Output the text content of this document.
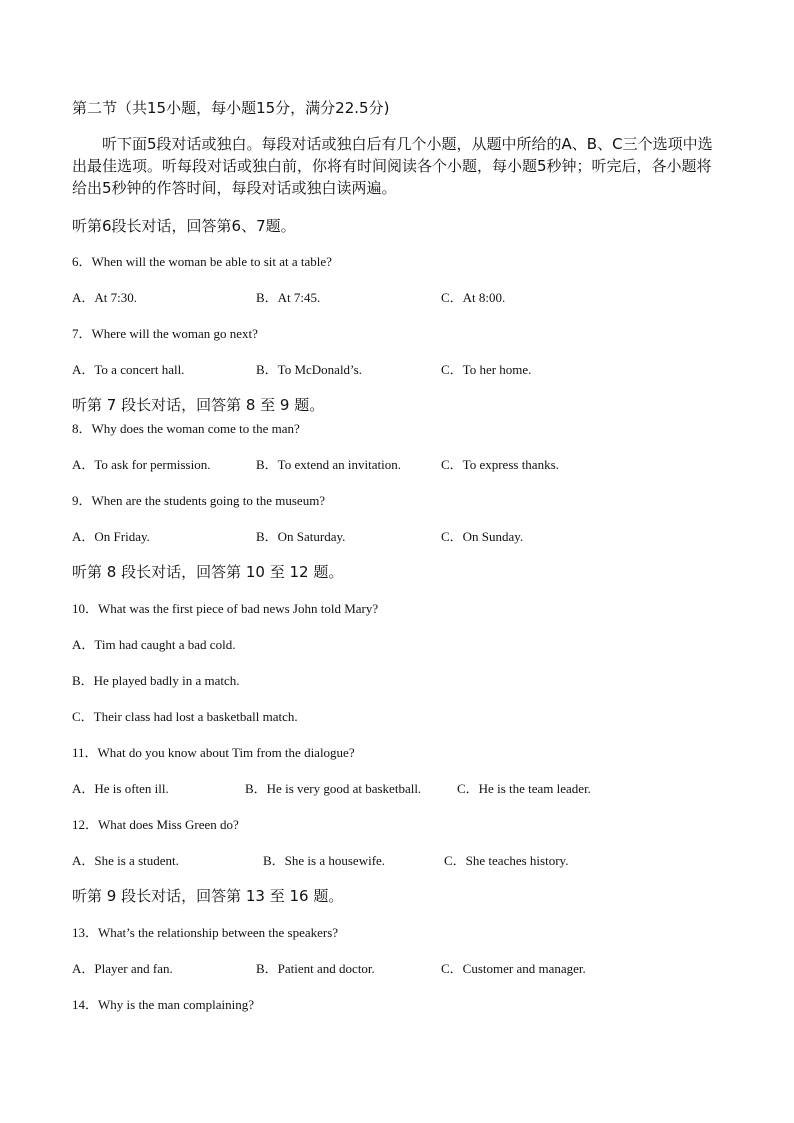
第二节（共15小题，每小题15分，满分22.5分)
听下面5段对话或独白。每段对话或独白后有几个小题，从题中所给的A、B、C三个选项中选出最佳选项。听每段对话或独白前，你将有时间阅读各个小题，每小题5秒钟；听完后，各小题将给出5秒钟的作答时间，每段对话或独白读两遍。
听第6段长对话，回答第6、7题。
6．When will the woman be able to sit at a table?
A．At 7:30.	B．At 7:45.	C．At 8:00.
7．Where will the woman go next?
A．To a concert hall.	B．To McDonald’s.	C．To her home.
听第 7 段长对话，回答第 8 至 9 题。
8．Why does the woman come to the man?
A．To ask for permission.	B．To extend an invitation.	C．To express thanks.
9．When are the students going to the museum?
A．On Friday.	B．On Saturday.	C．On Sunday.
听第 8 段长对话，回答第 10 至 12 题。
10．What was the first piece of bad news John told Mary?
A．Tim had caught a bad cold.
B．He played badly in a match.
C．Their class had lost a basketball match.
11．What do you know about Tim from the dialogue?
A．He is often ill.	B．He is very good at basketball.	C．He is the team leader.
12．What does Miss Green do?
A．She is a student.	B．She is a housewife.	C．She teaches history.
听第 9 段长对话，回答第 13 至 16 题。
13．What’s the relationship between the speakers?
A．Player and fan.	B．Patient and doctor.	C．Customer and manager.
14．Why is the man complaining?
